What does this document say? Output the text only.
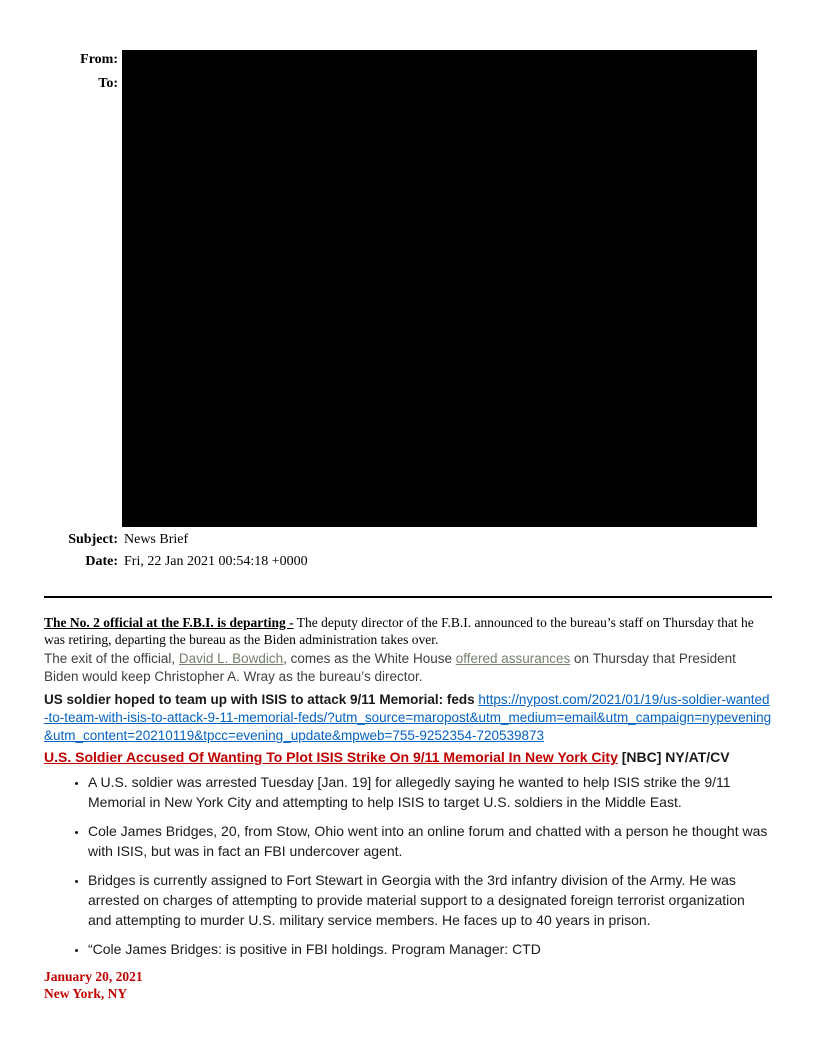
From:
To:
Subject: News Brief
Date: Fri, 22 Jan 2021 00:54:18 +0000

The No. 2 official at the F.B.I. is departing - The deputy director of the F.B.I. announced to the bureau’s staff on Thursday that he was retiring, departing the bureau as the Biden administration takes over.

The exit of the official, David L. Bowdich, comes as the White House offered assurances on Thursday that President Biden would keep Christopher A. Wray as the bureau’s director.

US soldier hoped to team up with ISIS to attack 9/11 Memorial: feds https://nypost.com/2021/01/19/us-soldier-wanted-to-team-with-isis-to-attack-9-11-memorial-feds/?utm_source=maropost&utm_medium=email&utm_campaign=nypevening&utm_content=20210119&tpcc=evening_update&mpweb=755-9252354-720539873

U.S. Soldier Accused Of Wanting To Plot ISIS Strike On 9/11 Memorial In New York City [NBC] NY/AT/CV

• A U.S. soldier was arrested Tuesday [Jan. 19] for allegedly saying he wanted to help ISIS strike the 9/11 Memorial in New York City and attempting to help ISIS to target U.S. soldiers in the Middle East.
• Cole James Bridges, 20, from Stow, Ohio went into an online forum and chatted with a person he thought was with ISIS, but was in fact an FBI undercover agent.
• Bridges is currently assigned to Fort Stewart in Georgia with the 3rd infantry division of the Army. He was arrested on charges of attempting to provide material support to a designated foreign terrorist organization and attempting to murder U.S. military service members. He faces up to 40 years in prison.
• “Cole James Bridges: is positive in FBI holdings. Program Manager: CTD
January 20, 2021
New York, NY
